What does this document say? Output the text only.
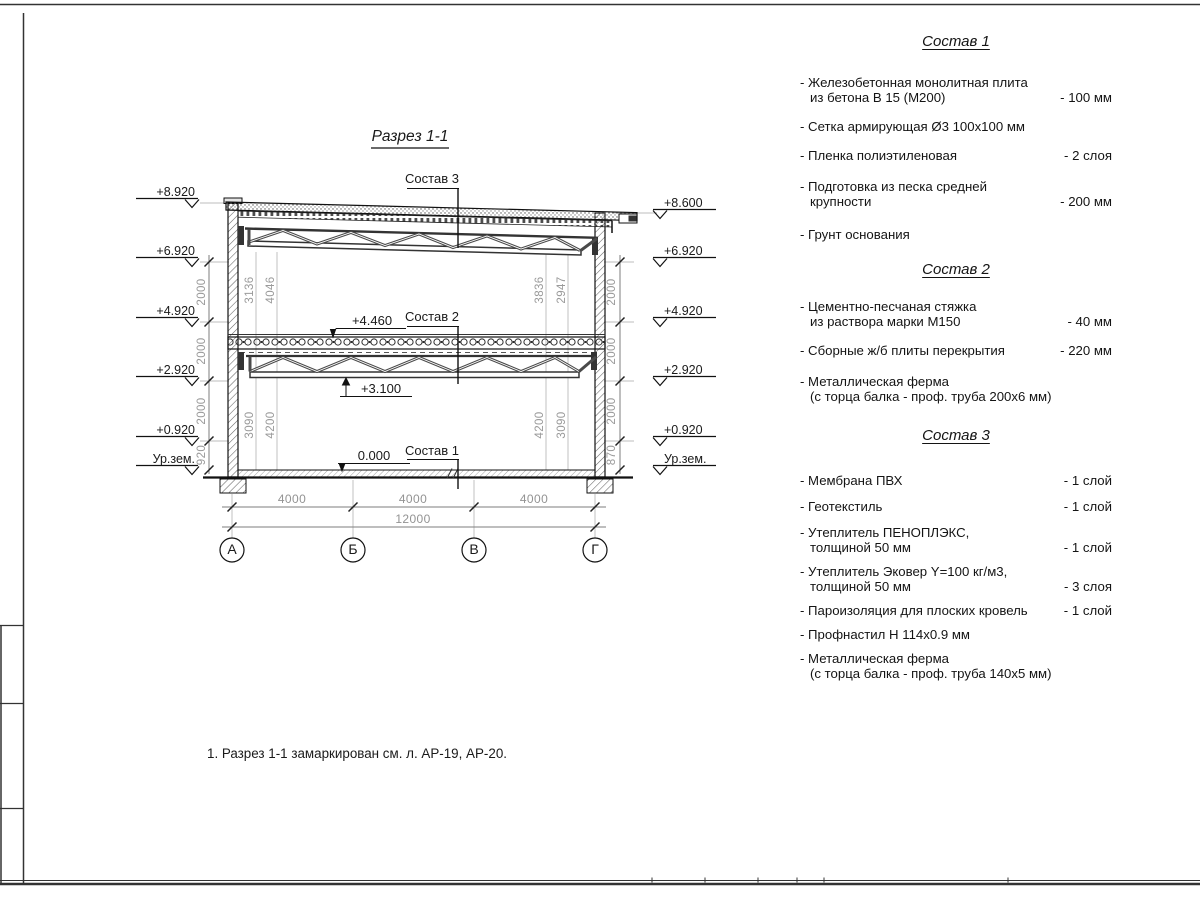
Разрез 1-1
Состав 3
Состав 2
Состав 1
+4.460
+3.100
0.000
+8.920
+6.920
+4.920
+2.920
+0.920
Ур.зем.
+8.600
+6.920
+4.920
+2.920
+0.920
Ур.зем.
2000
2000
2000
920
2000
2000
2000
870
3136 4046	3836 2947
3090 4200	4200 3090
4000	4000	4000
12000
А	Б	В	Г
1. Разрез 1-1 замаркирован см. л. АР-19, АР-20.
Состав 1
- Железобетонная монолитная плита
из бетона В 15 (М200)	- 100 мм
- Сетка армирующая Ø3 100х100 мм
- Пленка полиэтиленовая	- 2 слоя
- Подготовка из песка средней
крупности	- 200 мм
- Грунт основания
Состав 2
- Цементно-песчаная стяжка
из раствора марки М150	- 40 мм
- Сборные ж/б плиты перекрытия	- 220 мм
- Металлическая ферма
(с торца балка - проф. труба 200х6 мм)
Состав 3
- Мембрана ПВХ	- 1 слой
- Геотекстиль	- 1 слой
- Утеплитель ПЕНОПЛЭКС,
толщиной 50 мм	- 1 слой
- Утеплитель Эковер Y=100 кг/м3,
толщиной 50 мм	- 3 слоя
- Пароизоляция для плоских кровель	- 1 слой
- Профнастил Н 114х0.9 мм
- Металлическая ферма
(с торца балка - проф. труба 140х5 мм)
